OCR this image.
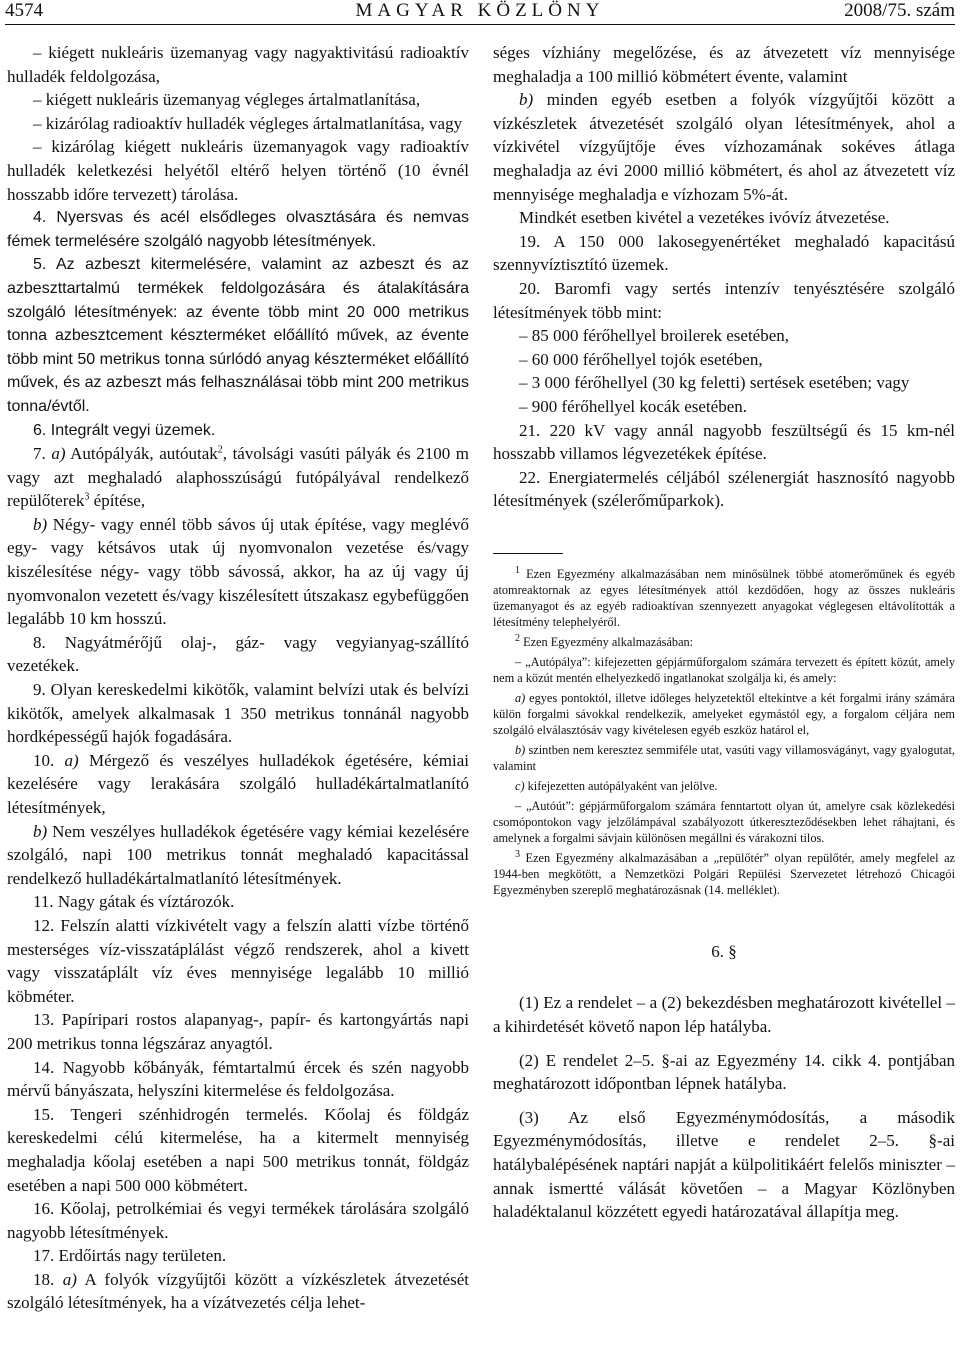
4574	MAGYAR KÖZLÖNY	2008/75. szám

– kiégett nukleáris üzemanyag vagy nagyaktivitású radioaktív hulladék feldolgozása,

– kiégett nukleáris üzemanyag végleges ártalmatlanítása,

– kizárólag radioaktív hulladék végleges ártalmatlanítása, vagy

– kizárólag kiégett nukleáris üzemanyagok vagy radioaktív hulladék keletkezési helyétől eltérő helyen történő (10 évnél hosszabb időre tervezett) tárolása.

4. Nyersvas és acél elsődleges olvasztására és nemvas fémek termelésére szolgáló nagyobb létesítmények.

5. Az azbeszt kitermelésére, valamint az azbeszt és az azbeszttartalmú termékek feldolgozására és átalakítására szolgáló létesítmények: az évente több mint 20 000 metrikus tonna azbesztcement készterméket előállító művek, az évente több mint 50 metrikus tonna súrlódó anyag készterméket előállító művek, és az azbeszt más felhasználásai több mint 200 metrikus tonna/évtől.

6. Integrált vegyi üzemek.

7. a) Autópályák, autóutak$^2$, távolsági vasúti pályák és 2100 m vagy azt meghaladó alaphosszúságú futópályával rendelkező repülőterek$^3$ építése,

b) Négy- vagy ennél több sávos új utak építése, vagy meglévő egy- vagy kétsávos utak új nyomvonalon vezetése és/vagy kiszélesítése négy- vagy több sávossá, akkor, ha az új vagy új nyomvonalon vezetett és/vagy kiszélesített útszakasz egybefüggően legalább 10 km hosszú.

8. Nagyátmérőjű olaj-, gáz- vagy vegyianyag-szállító vezetékek.

9. Olyan kereskedelmi kikötők, valamint belvízi utak és belvízi kikötők, amelyek alkalmasak 1 350 metrikus tonnánál nagyobb hordképességű hajók fogadására.

10. a) Mérgező és veszélyes hulladékok égetésére, kémiai kezelésére vagy lerakására szolgáló hulladékártalmatlanító létesítmények,

b) Nem veszélyes hulladékok égetésére vagy kémiai kezelésére szolgáló, napi 100 metrikus tonnát meghaladó kapacitással rendelkező hulladékártalmatlanító létesítmények.

11. Nagy gátak és víztározók.

12. Felszín alatti vízkivételt vagy a felszín alatti vízbe történő mesterséges víz-visszatáplálást végző rendszerek, ahol a kivett vagy visszatáplált víz éves mennyisége legalább 10 millió köbméter.

13. Papíripari rostos alapanyag-, papír- és kartongyártás napi 200 metrikus tonna légszáraz anyagtól.

14. Nagyobb kőbányák, fémtartalmú ércek és szén nagyobb mérvű bányászata, helyszíni kitermelése és feldolgozása.

15. Tengeri szénhidrogén termelés. Kőolaj és földgáz kereskedelmi célú kitermelése, ha a kitermelt mennyiség meghaladja kőolaj esetében a napi 500 metrikus tonnát, földgáz esetében a napi 500 000 köbmétert.

16. Kőolaj, petrolkémiai és vegyi termékek tárolására szolgáló nagyobb létesítmények.

17. Erdőirtás nagy területen.

18. a) A folyók vízgyűjtői között a vízkészletek átvezetését szolgáló létesítmények, ha a vízátvezetés célja lehet-

séges vízhiány megelőzése, és az átvezetett víz mennyisége meghaladja a 100 millió köbmétert évente, valamint

b) minden egyéb esetben a folyók vízgyűjtői között a vízkészletek átvezetését szolgáló olyan létesítmények, ahol a vízkivétel vízgyűjtője éves vízhozamának sokéves átlaga meghaladja az évi 2000 millió köbmétert, és ahol az átvezetett víz mennyisége meghaladja e vízhozam 5%-át.

Mindkét esetben kivétel a vezetékes ivóvíz átvezetése.

19. A 150 000 lakosegyenértéket meghaladó kapacitású szennyvíztisztító üzemek.

20. Baromfi vagy sertés intenzív tenyésztésére szolgáló létesítmények több mint:

– 85 000 férőhellyel broilerek esetében,

– 60 000 férőhellyel tojók esetében,

– 3 000 férőhellyel (30 kg feletti) sertések esetében; vagy

– 900 férőhellyel kocák esetében.

21. 220 kV vagy annál nagyobb feszültségű és 15 km-nél hosszabb villamos légvezetékek építése.

22. Energiatermelés céljából szélenergiát hasznosító nagyobb létesítmények (szélerőműparkok).

$^1$ Ezen Egyezmény alkalmazásában nem minősülnek többé atomerőműnek és egyéb atomreaktornak az egyes létesítmények attól kezdődően, hogy az összes nukleáris üzemanyagot és az egyéb radioaktívan szennyezett anyagokat véglegesen eltávolították a létesítmény telephelyéről.

$^2$ Ezen Egyezmény alkalmazásában:

– „Autópálya”: kifejezetten gépjárműforgalom számára tervezett és épített közút, amely nem a közút mentén elhelyezkedő ingatlanokat szolgálja ki, és amely:

a) egyes pontoktól, illetve időleges helyzetektől eltekintve a két forgalmi irány számára külön forgalmi sávokkal rendelkezik, amelyeket egymástól egy, a forgalom céljára nem szolgáló elválasztósáv vagy kivételesen egyéb eszköz határol el,

b) szintben nem keresztez semmiféle utat, vasúti vagy villamosvágányt, vagy gyalogutat, valamint

c) kifejezetten autópályaként van jelölve.

– „Autóút”: gépjárműforgalom számára fenntartott olyan út, amelyre csak közlekedési csomópontokon vagy jelzőlámpával szabályozott útkereszteződésekben lehet ráhajtani, és amelynek a forgalmi sávjain különösen megállni és várakozni tilos.

$^3$ Ezen Egyezmény alkalmazásában a „repülőtér” olyan repülőtér, amely megfelel az 1944-ben megkötött, a Nemzetközi Polgári Repülési Szervezetet létrehozó Chicagói Egyezményben szereplő meghatározásnak (14. melléklet).

6. §

(1) Ez a rendelet – a (2) bekezdésben meghatározott kivétellel – a kihirdetését követő napon lép hatályba.

(2) E rendelet 2–5. §-ai az Egyezmény 14. cikk 4. pontjában meghatározott időpontban lépnek hatályba.

(3) Az első Egyezménymódosítás, a második Egyezménymódosítás, illetve e rendelet 2–5. §-ai hatálybalépésének naptári napját a külpolitikáért felelős miniszter – annak ismertté válását követően – a Magyar Közlönyben haladéktalanul közzétett egyedi határozatával állapítja meg.
